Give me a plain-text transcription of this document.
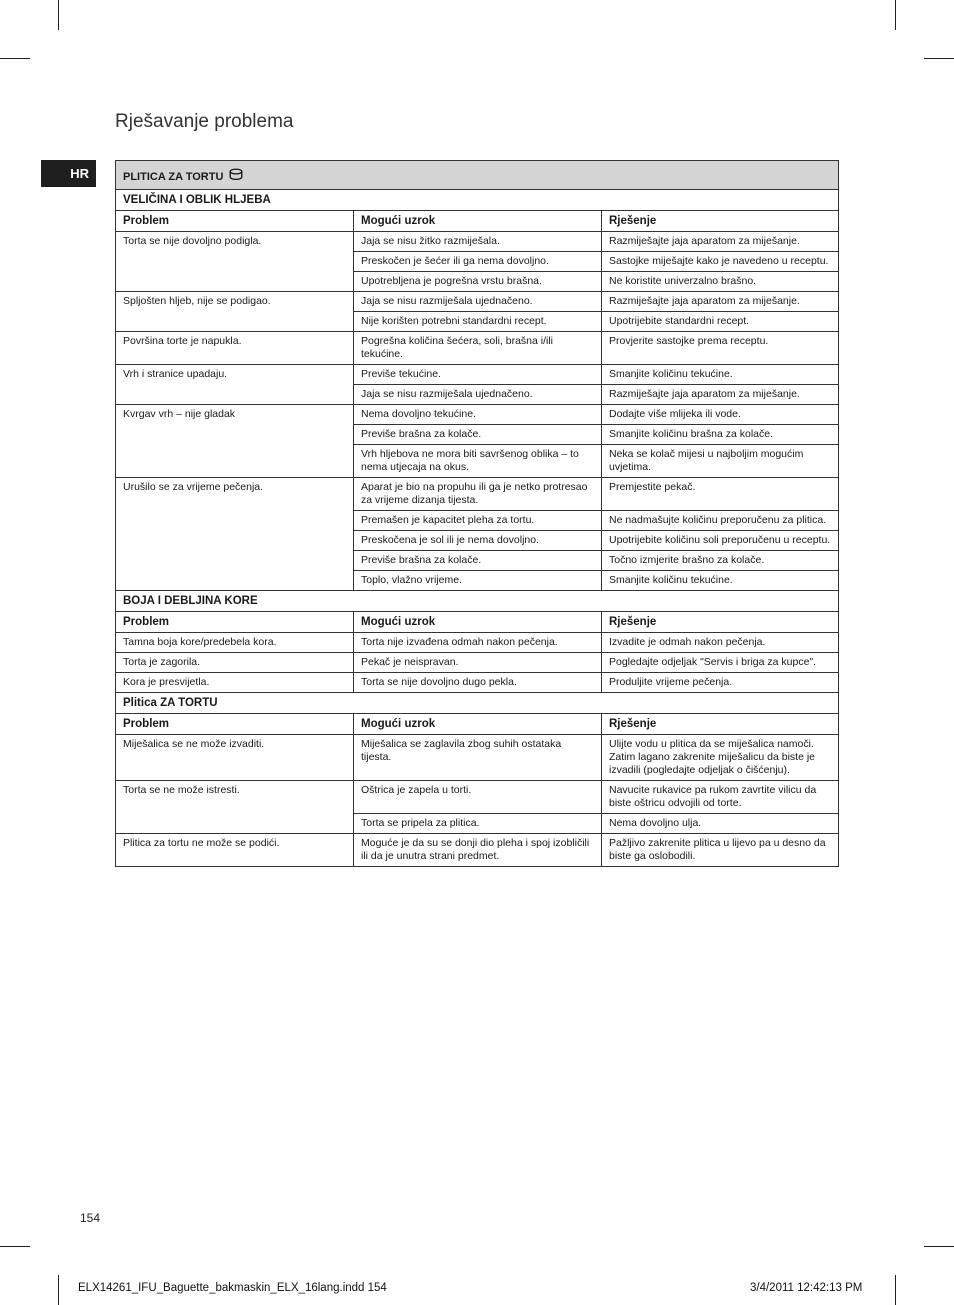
Rješavanje problema
HR	PLITICA ZA TORTU		
VELIČINA I OBLIK HLJEBA		
Problem	Mogući uzrok	Rješenje
Torta se nije dovoljno podigla.	Jaja se nisu žitko razmiješala.	Razmiješajte jaja aparatom za miješanje.
	Preskočen je šećer ili ga nema dovoljno.	Sastojke miješajte kako je navedeno u receptu.
	Upotrebljena je pogrešna vrstu brašna.	Ne koristite univerzalno brašno.
Spljošten hljeb, nije se podigao.	Jaja se nisu razmiješala ujednačeno.	Razmiješajte jaja aparatom za miješanje.
	Nije korišten potrebni standardni recept.	Upotrijebite standardni recept.
Površina torte je napukla.	Pogrešna količina šećera, soli, brašna i/ili tekućine.	Provjerite sastojke prema receptu.
Vrh i stranice upadaju.	Previše tekućine.	Smanjite količinu tekućine.
	Jaja se nisu razmiješala ujednačeno.	Razmiješajte jaja aparatom za miješanje.
Kvrgav vrh – nije gladak	Nema dovoljno tekućine.	Dodajte više mlijeka ili vode.
	Previše brašna za kolače.	Smanjite količinu brašna za kolače.
	Vrh hljebova ne mora biti savršenog oblika – to nema utjecaja na okus.	Neka se kolač mijesi u najboljim mogućim uvjetima.
Urušilo se za vrijeme pečenja.	Aparat je bio na propuhu ili ga je netko protresao za vrijeme dizanja tijesta.	Premjestite pekač.
	Premašen je kapacitet pleha za tortu.	Ne nadmašujte količinu preporučenu za plitica.
	Preskočena je sol ili je nema dovoljno.	Upotrijebite količinu soli preporučenu u receptu.
	Previše brašna za kolače.	Točno izmjerite brašno za kolače.
	Toplo, vlažno vrijeme.	Smanjite količinu tekućine.
BOJA I DEBLJINA KORE		
Problem	Mogući uzrok	Rješenje
Tamna boja kore/predebela kora.	Torta nije izvađena odmah nakon pečenja.	Izvadite je odmah nakon pečenja.
Torta je zagorila.	Pekač je neispravan.	Pogledajte odjeljak "Servis i briga za kupce".
Kora je presvijetla.	Torta se nije dovoljno dugo pekla.	Produljite vrijeme pečenja.
Plitica ZA TORTU		
Problem	Mogući uzrok	Rješenje
Miješalica se ne može izvaditi.	Miješalica se zaglavila zbog suhih ostataka tijesta.	Ulijte vodu u plitica da se miješalica namoči. Zatim lagano zakrenite miješalicu da biste je izvadili (pogledajte odjeljak o čišćenju).
Torta se ne može istresti.	Oštrica je zapela u torti.	Navucite rukavice pa rukom zavrtite vilicu da biste oštricu odvojili od torte.
	Torta se pripela za plitica.	Nema dovoljno ulja.
Plitica za tortu ne može se podići.	Moguće je da su se donji dio pleha i spoj izobličili ili da je unutra strani predmet.	Pažljivo zakrenite plitica u lijevo pa u desno da biste ga oslobodili.
154
ELX14261_IFU_Baguette_bakmaskin_ELX_16lang.indd 154	3/4/2011 12:42:13 PM
